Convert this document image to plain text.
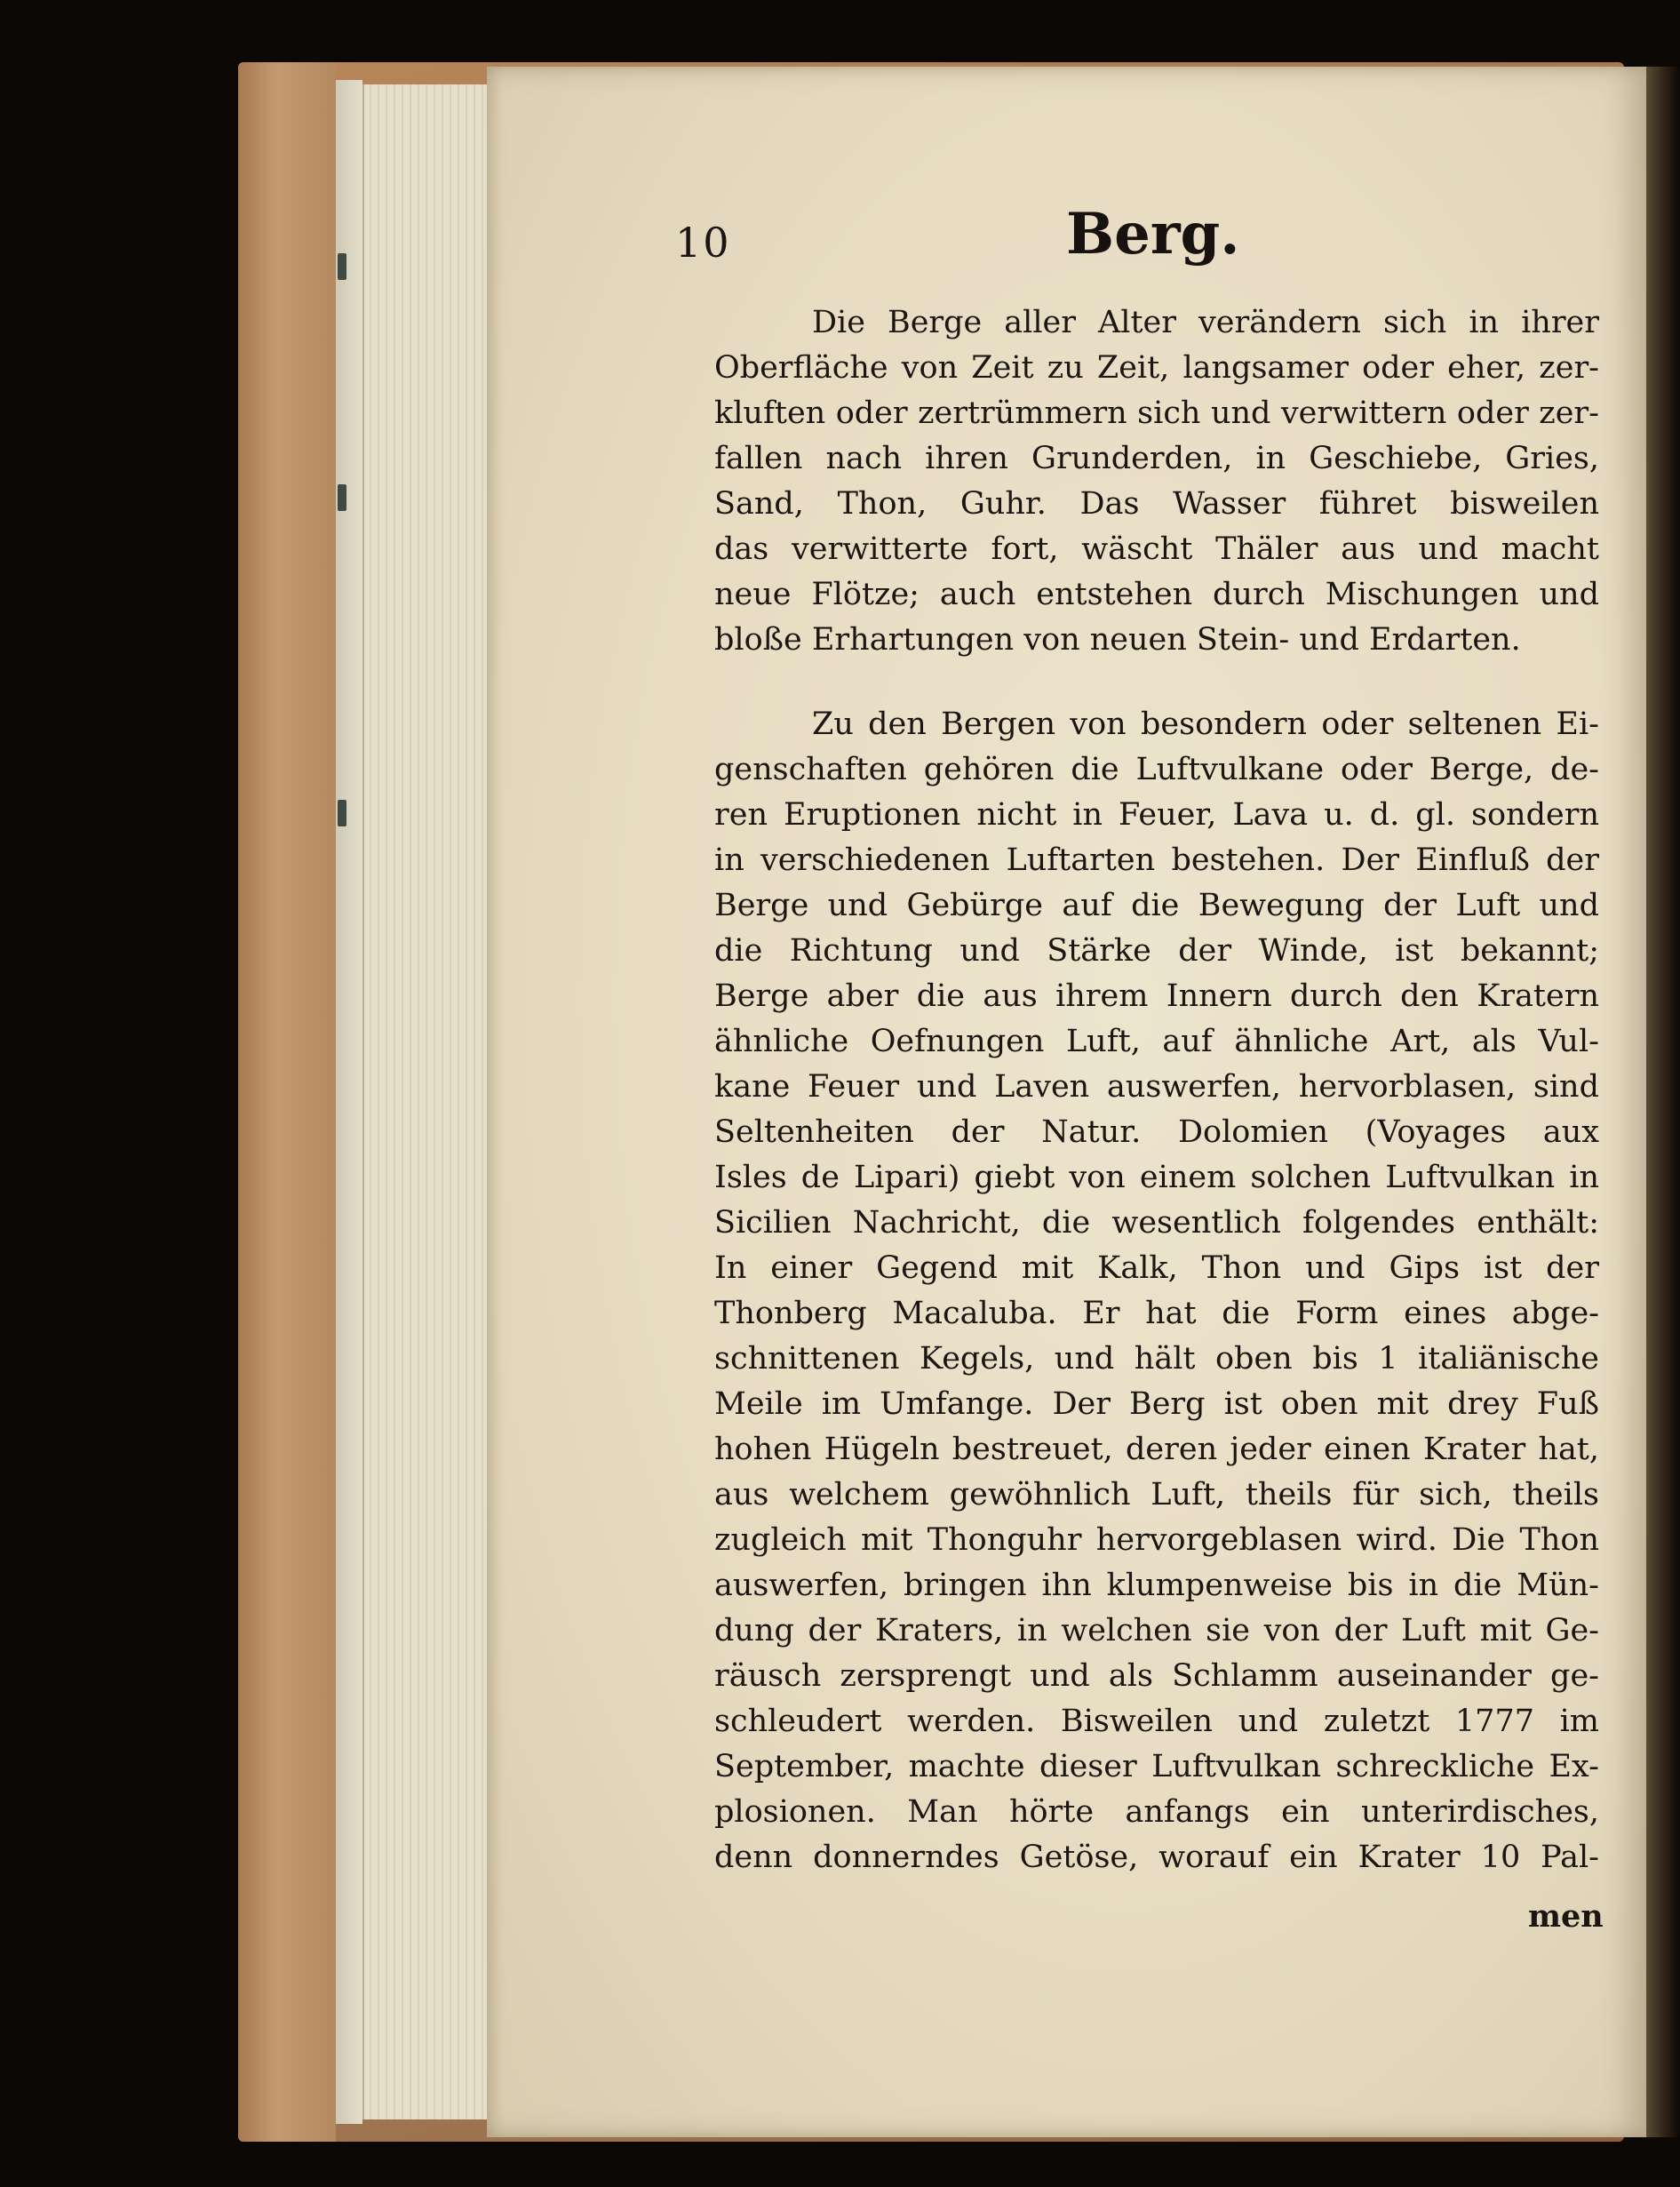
10	Berg.
Die Berge aller Alter verändern sich in ihrer
Oberfläche von Zeit zu Zeit, langsamer oder eher, zer-
kluften oder zertrümmern sich und verwittern oder zer-
fallen nach ihren Grunderden, in Geschiebe, Gries,
Sand, Thon, Guhr. Das Wasser führet bisweilen
das verwitterte fort, wäscht Thäler aus und macht
neue Flötze; auch entstehen durch Mischungen und
bloße Erhartungen von neuen Stein- und Erdarten.
Zu den Bergen von besondern oder seltenen Ei-
genschaften gehören die Luftvulkane oder Berge, de-
ren Eruptionen nicht in Feuer, Lava u. d. gl. sondern
in verschiedenen Luftarten bestehen. Der Einfluß der
Berge und Gebürge auf die Bewegung der Luft und
die Richtung und Stärke der Winde, ist bekannt;
Berge aber die aus ihrem Innern durch den Kratern
ähnliche Oefnungen Luft, auf ähnliche Art, als Vul-
kane Feuer und Laven auswerfen, hervorblasen, sind
Seltenheiten der Natur. Dolomien (Voyages aux
Isles de Lipari) giebt von einem solchen Luftvulkan in
Sicilien Nachricht, die wesentlich folgendes enthält:
In einer Gegend mit Kalk, Thon und Gips ist der
Thonberg Macaluba. Er hat die Form eines abge-
schnittenen Kegels, und hält oben bis 1 italiänische
Meile im Umfange. Der Berg ist oben mit drey Fuß
hohen Hügeln bestreuet, deren jeder einen Krater hat,
aus welchem gewöhnlich Luft, theils für sich, theils
zugleich mit Thonguhr hervorgeblasen wird. Die Thon
auswerfen, bringen ihn klumpenweise bis in die Mün-
dung der Kraters, in welchen sie von der Luft mit Ge-
räusch zersprengt und als Schlamm auseinander ge-
schleudert werden. Bisweilen und zuletzt 1777 im
September, machte dieser Luftvulkan schreckliche Ex-
plosionen. Man hörte anfangs ein unterirdisches,
denn donnerndes Getöse, worauf ein Krater 10 Pal-
men
